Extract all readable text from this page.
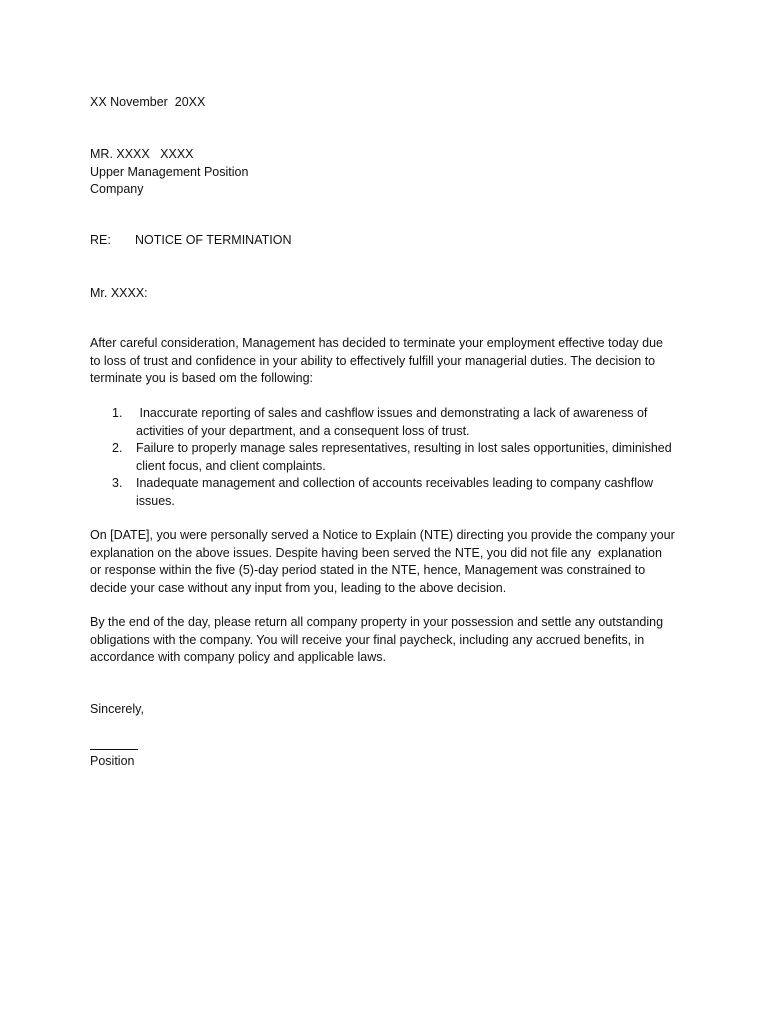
XX November  20XX
MR. XXXX   XXXX
Upper Management Position
Company
RE: NOTICE OF TERMINATION
Mr. XXXX:
After careful consideration, Management has decided to terminate your employment effective today due
to loss of trust and confidence in your ability to effectively fulfill your managerial duties. The decision to
terminate you is based om the following:
1. Inaccurate reporting of sales and cashflow issues and demonstrating a lack of awareness of
activities of your department, and a consequent loss of trust.
2. Failure to properly manage sales representatives, resulting in lost sales opportunities, diminished
client focus, and client complaints.
3. Inadequate management and collection of accounts receivables leading to company cashflow
issues.
On [DATE], you were personally served a Notice to Explain (NTE) directing you provide the company your
explanation on the above issues. Despite having been served the NTE, you did not file any  explanation
or response within the five (5)-day period stated in the NTE, hence, Management was constrained to
decide your case without any input from you, leading to the above decision.
By the end of the day, please return all company property in your possession and settle any outstanding
obligations with the company. You will receive your final paycheck, including any accrued benefits, in
accordance with company policy and applicable laws.
Sincerely,
Position
